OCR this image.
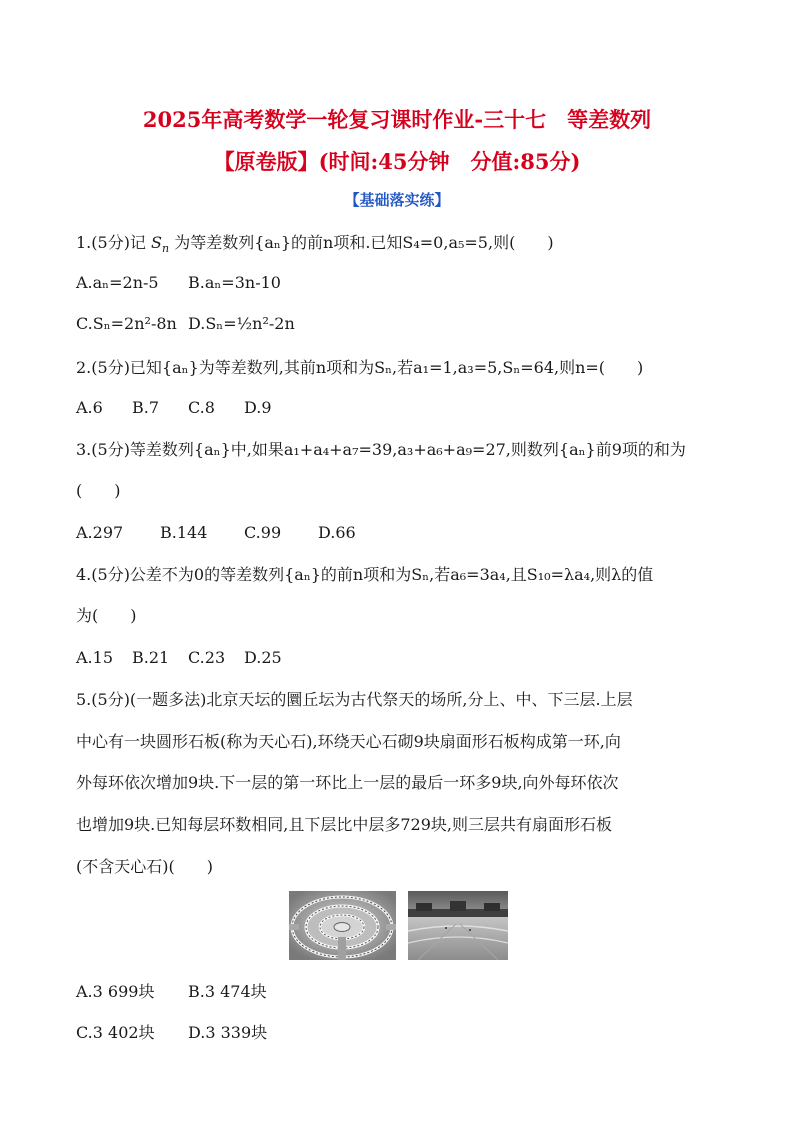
2025年高考数学一轮复习课时作业-三十七　等差数列
【原卷版】(时间:45分钟　分值:85分)
【基础落实练】
1.(5分)记 $S_n$ 为等差数列{aₙ}的前n项和.已知S₄=0,a₅=5,则(　　)
A.aₙ=2n-5 B.aₙ=3n-10
C.Sₙ=2n²-8n D.Sₙ=½n²-2n
2.(5分)已知{aₙ}为等差数列,其前n项和为Sₙ,若a₁=1,a₃=5,Sₙ=64,则n=(　　)
A.6 B.7 C.8 D.9
3.(5分)等差数列{aₙ}中,如果a₁+a₄+a₇=39,a₃+a₆+a₉=27,则数列{aₙ}前9项的和为
(　　)
A.297 B.144 C.99 D.66
4.(5分)公差不为0的等差数列{aₙ}的前n项和为Sₙ,若a₆=3a₄,且S₁₀=λa₄,则λ的值
为(　　)
A.15 B.21 C.23 D.25
5.(5分)(一题多法)北京天坛的圜丘坛为古代祭天的场所,分上、中、下三层.上层
中心有一块圆形石板(称为天心石),环绕天心石砌9块扇面形石板构成第一环,向
外每环依次增加9块.下一层的第一环比上一层的最后一环多9块,向外每环依次
也增加9块.已知每层环数相同,且下层比中层多729块,则三层共有扇面形石板
(不含天心石)(　　)
A.3 699块 B.3 474块
C.3 402块 D.3 339块
